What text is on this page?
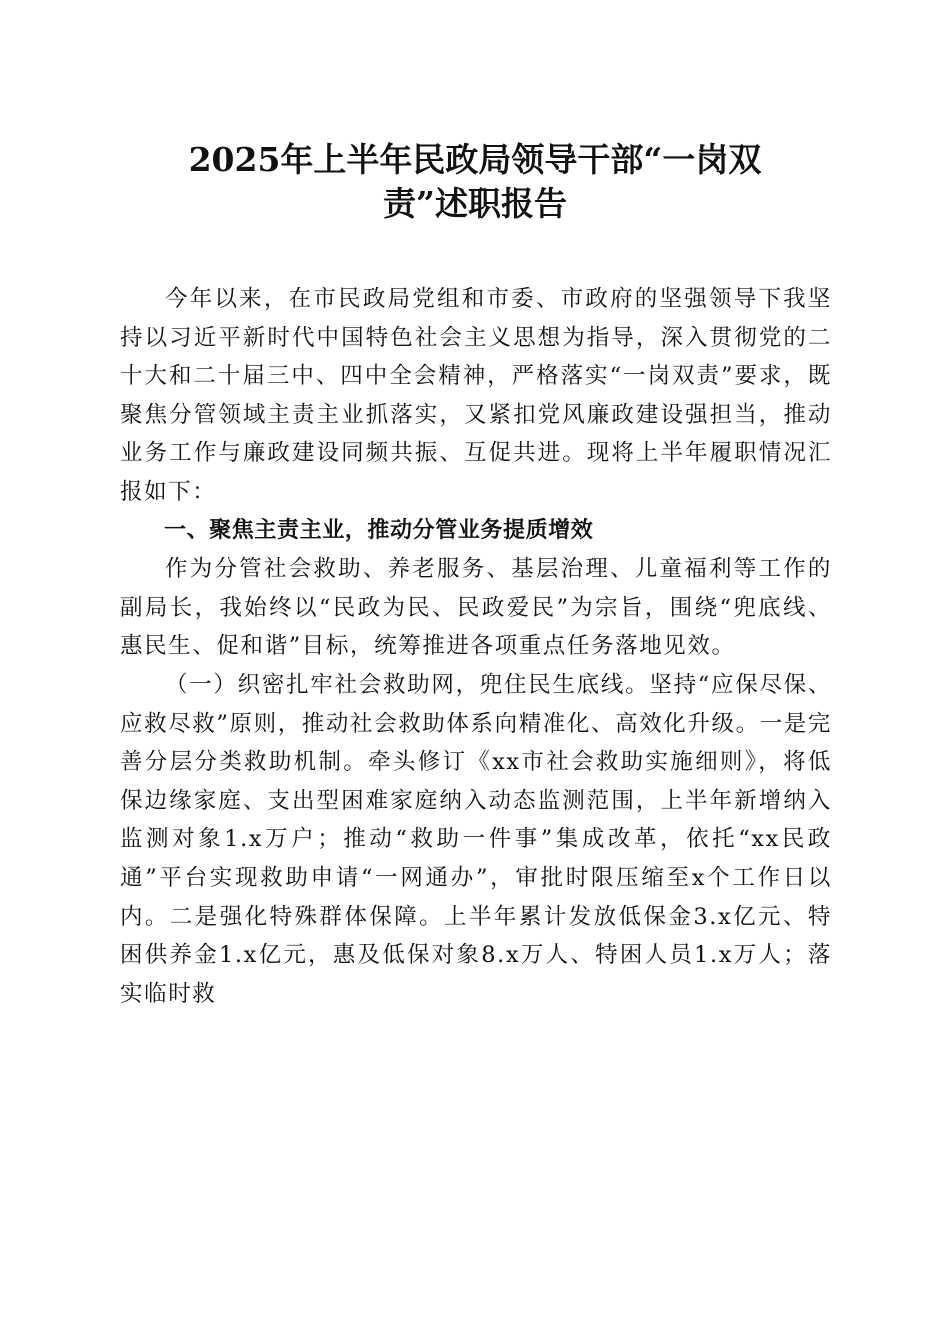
2025年上半年民政局领导干部“一岗双
责”述职报告

今年以来，在市民政局党组和市委、市政府的坚强领导下我坚持以习近平新时代中国特色社会主义思想为指导，深入贯彻党的二十大和二十届三中、四中全会精神，严格落实“一岗双责”要求，既聚焦分管领域主责主业抓落实，又紧扣党风廉政建设强担当，推动业务工作与廉政建设同频共振、互促共进。现将上半年履职情况汇报如下：

一、聚焦主责主业，推动分管业务提质增效

作为分管社会救助、养老服务、基层治理、儿童福利等工作的副局长，我始终以“民政为民、民政爱民”为宗旨，围绕“兜底线、惠民生、促和谐”目标，统筹推进各项重点任务落地见效。

（一）织密扎牢社会救助网，兜住民生底线。坚持“应保尽保、应救尽救”原则，推动社会救助体系向精准化、高效化升级。一是完善分层分类救助机制。牵头修订《xx市社会救助实施细则》，将低保边缘家庭、支出型困难家庭纳入动态监测范围，上半年新增纳入监测对象1.x万户；推动“救助一件事”集成改革，依托“xx民政通”平台实现救助申请“一网通办”，审批时限压缩至x个工作日以内。二是强化特殊群体保障。上半年累计发放低保金3.x亿元、特困供养金1.x亿元，惠及低保对象8.x万人、特困人员1.x万人；落实临时救
